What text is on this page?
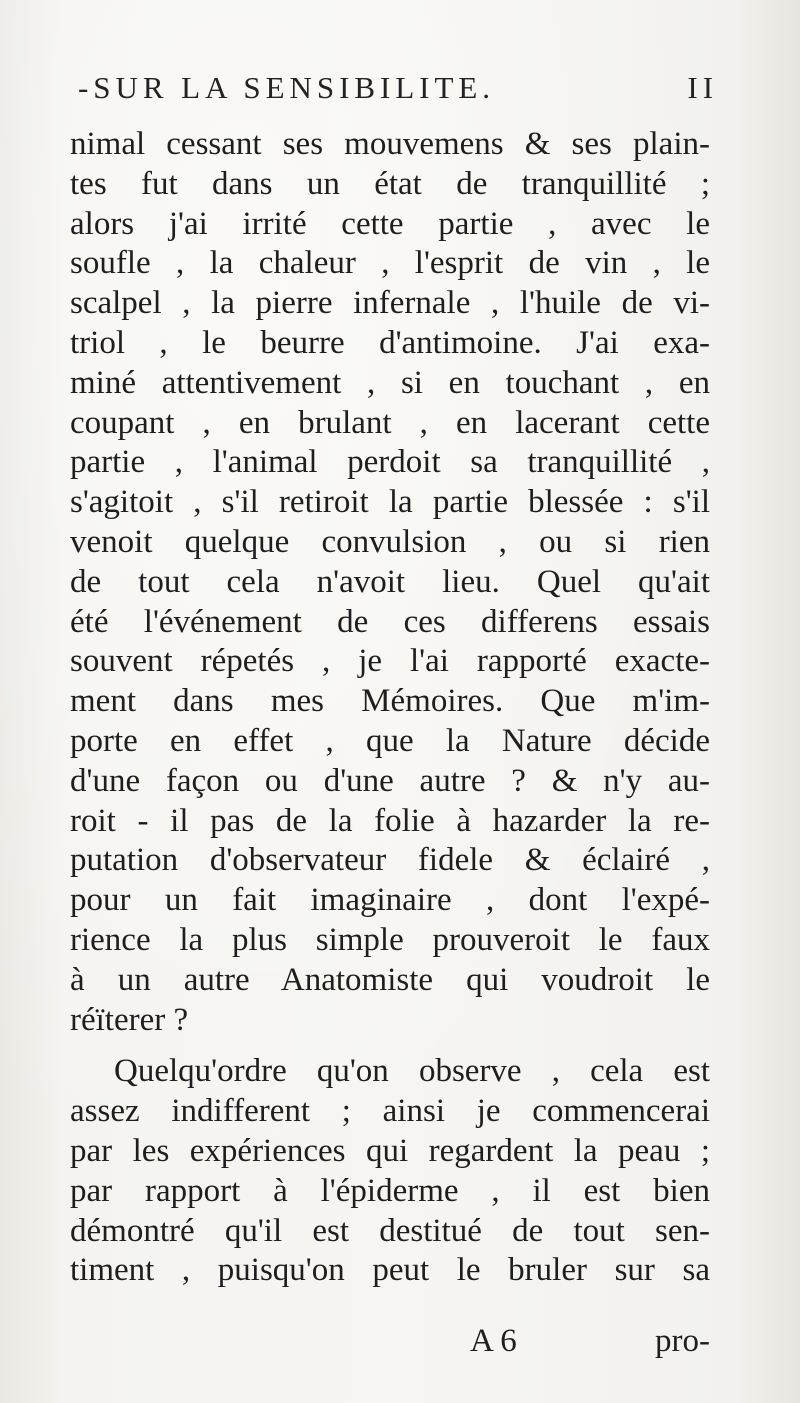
-SUR LA SENSIBILITE.	II
nimal cessant ses mouvemens & ses plain-
tes fut dans un état de tranquillité ;
alors j'ai irrité cette partie , avec le
soufle , la chaleur , l'esprit de vin , le
scalpel , la pierre infernale , l'huile de vi-
triol , le beurre d'antimoine. J'ai exa-
miné attentivement , si en touchant , en
coupant , en brulant , en lacerant cette
partie , l'animal perdoit sa tranquillité ,
s'agitoit , s'il retiroit la partie blessée : s'il
venoit quelque convulsion , ou si rien
de tout cela n'avoit lieu. Quel qu'ait
été l'événement de ces differens essais
souvent répetés , je l'ai rapporté exacte-
ment dans mes Mémoires. Que m'im-
porte en effet , que la Nature décide
d'une façon ou d'une autre ? & n'y au-
roit - il pas de la folie à hazarder la re-
putation d'observateur fidele & éclairé ,
pour un fait imaginaire , dont l'expé-
rience la plus simple prouveroit le faux
à un autre Anatomiste qui voudroit le
réïterer ?
Quelqu'ordre qu'on observe , cela est
assez indifferent ; ainsi je commencerai
par les expériences qui regardent la peau ;
par rapport à l'épiderme , il est bien
démontré qu'il est destitué de tout sen-
timent , puisqu'on peut le bruler sur sa
A 6	pro-
